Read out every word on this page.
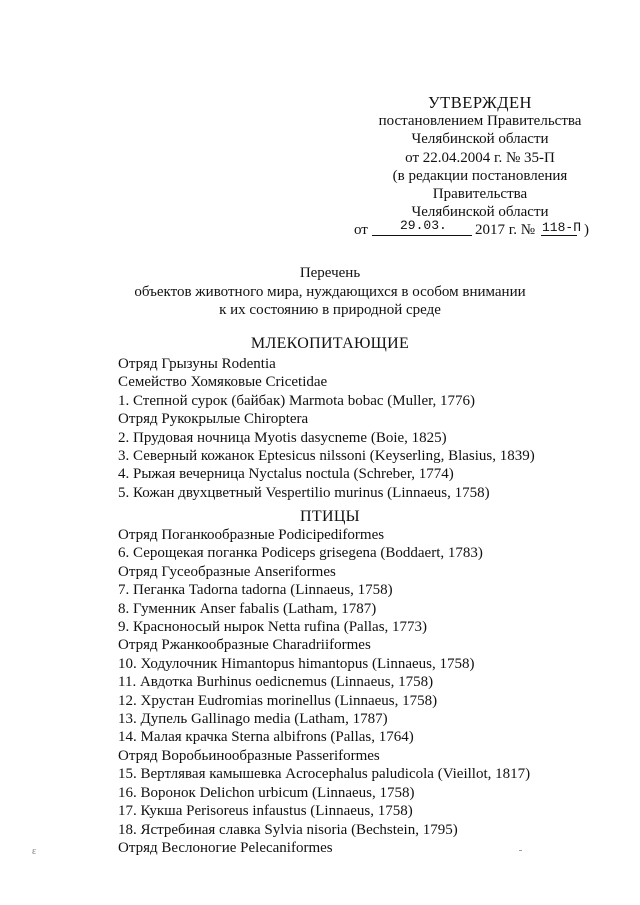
УТВЕРЖДЕН
постановлением Правительства
Челябинской области
от 22.04.2004 г. № 35-П
(в редакции постановления
Правительства
Челябинской области
от 29.03. 2017 г. № 118-П )
Перечень
объектов животного мира, нуждающихся в особом внимании
к их состоянию в природной среде
МЛЕКОПИТАЮЩИЕ
Отряд Грызуны Rodentia
Семейство Хомяковые Cricetidae
1. Степной сурок (байбак) Marmota bobac (Muller, 1776)
Отряд Рукокрылые Chiroptera
2. Прудовая ночница Myotis dasycneme (Boie, 1825)
3. Северный кожанок Eptesicus nilssoni (Keyserling, Blasius, 1839)
4. Рыжая вечерница Nyctalus noctula (Schreber, 1774)
5. Кожан двухцветный Vespertilio murinus (Linnaeus, 1758)
ПТИЦЫ
Отряд Поганкообразные Podicipediformes
6. Серощекая поганка Podiceps grisegena (Boddaert, 1783)
Отряд Гусеобразные Anseriformes
7. Пеганка Tadorna tadorna (Linnaeus, 1758)
8. Гуменник Anser fabalis (Latham, 1787)
9. Красноносый нырок Netta rufina (Pallas, 1773)
Отряд Ржанкообразные Charadriiformes
10. Ходулочник Himantopus himantopus (Linnaeus, 1758)
11. Авдотка Burhinus oedicnemus (Linnaeus, 1758)
12. Хрустан Eudromias morinellus (Linnaeus, 1758)
13. Дупель Gallinago media (Latham, 1787)
14. Малая крачка Sterna albifrons (Pallas, 1764)
Отряд Воробьинообразные Passeriformes
15. Вертлявая камышевка Acrocephalus paludicola (Vieillot, 1817)
16. Воронок Delichon urbicum (Linnaeus, 1758)
17. Кукша Perisoreus infaustus (Linnaeus, 1758)
18. Ястребиная славка Sylvia nisoria (Bechstein, 1795)
Отряд Веслоногие Pelecaniformes
ε
